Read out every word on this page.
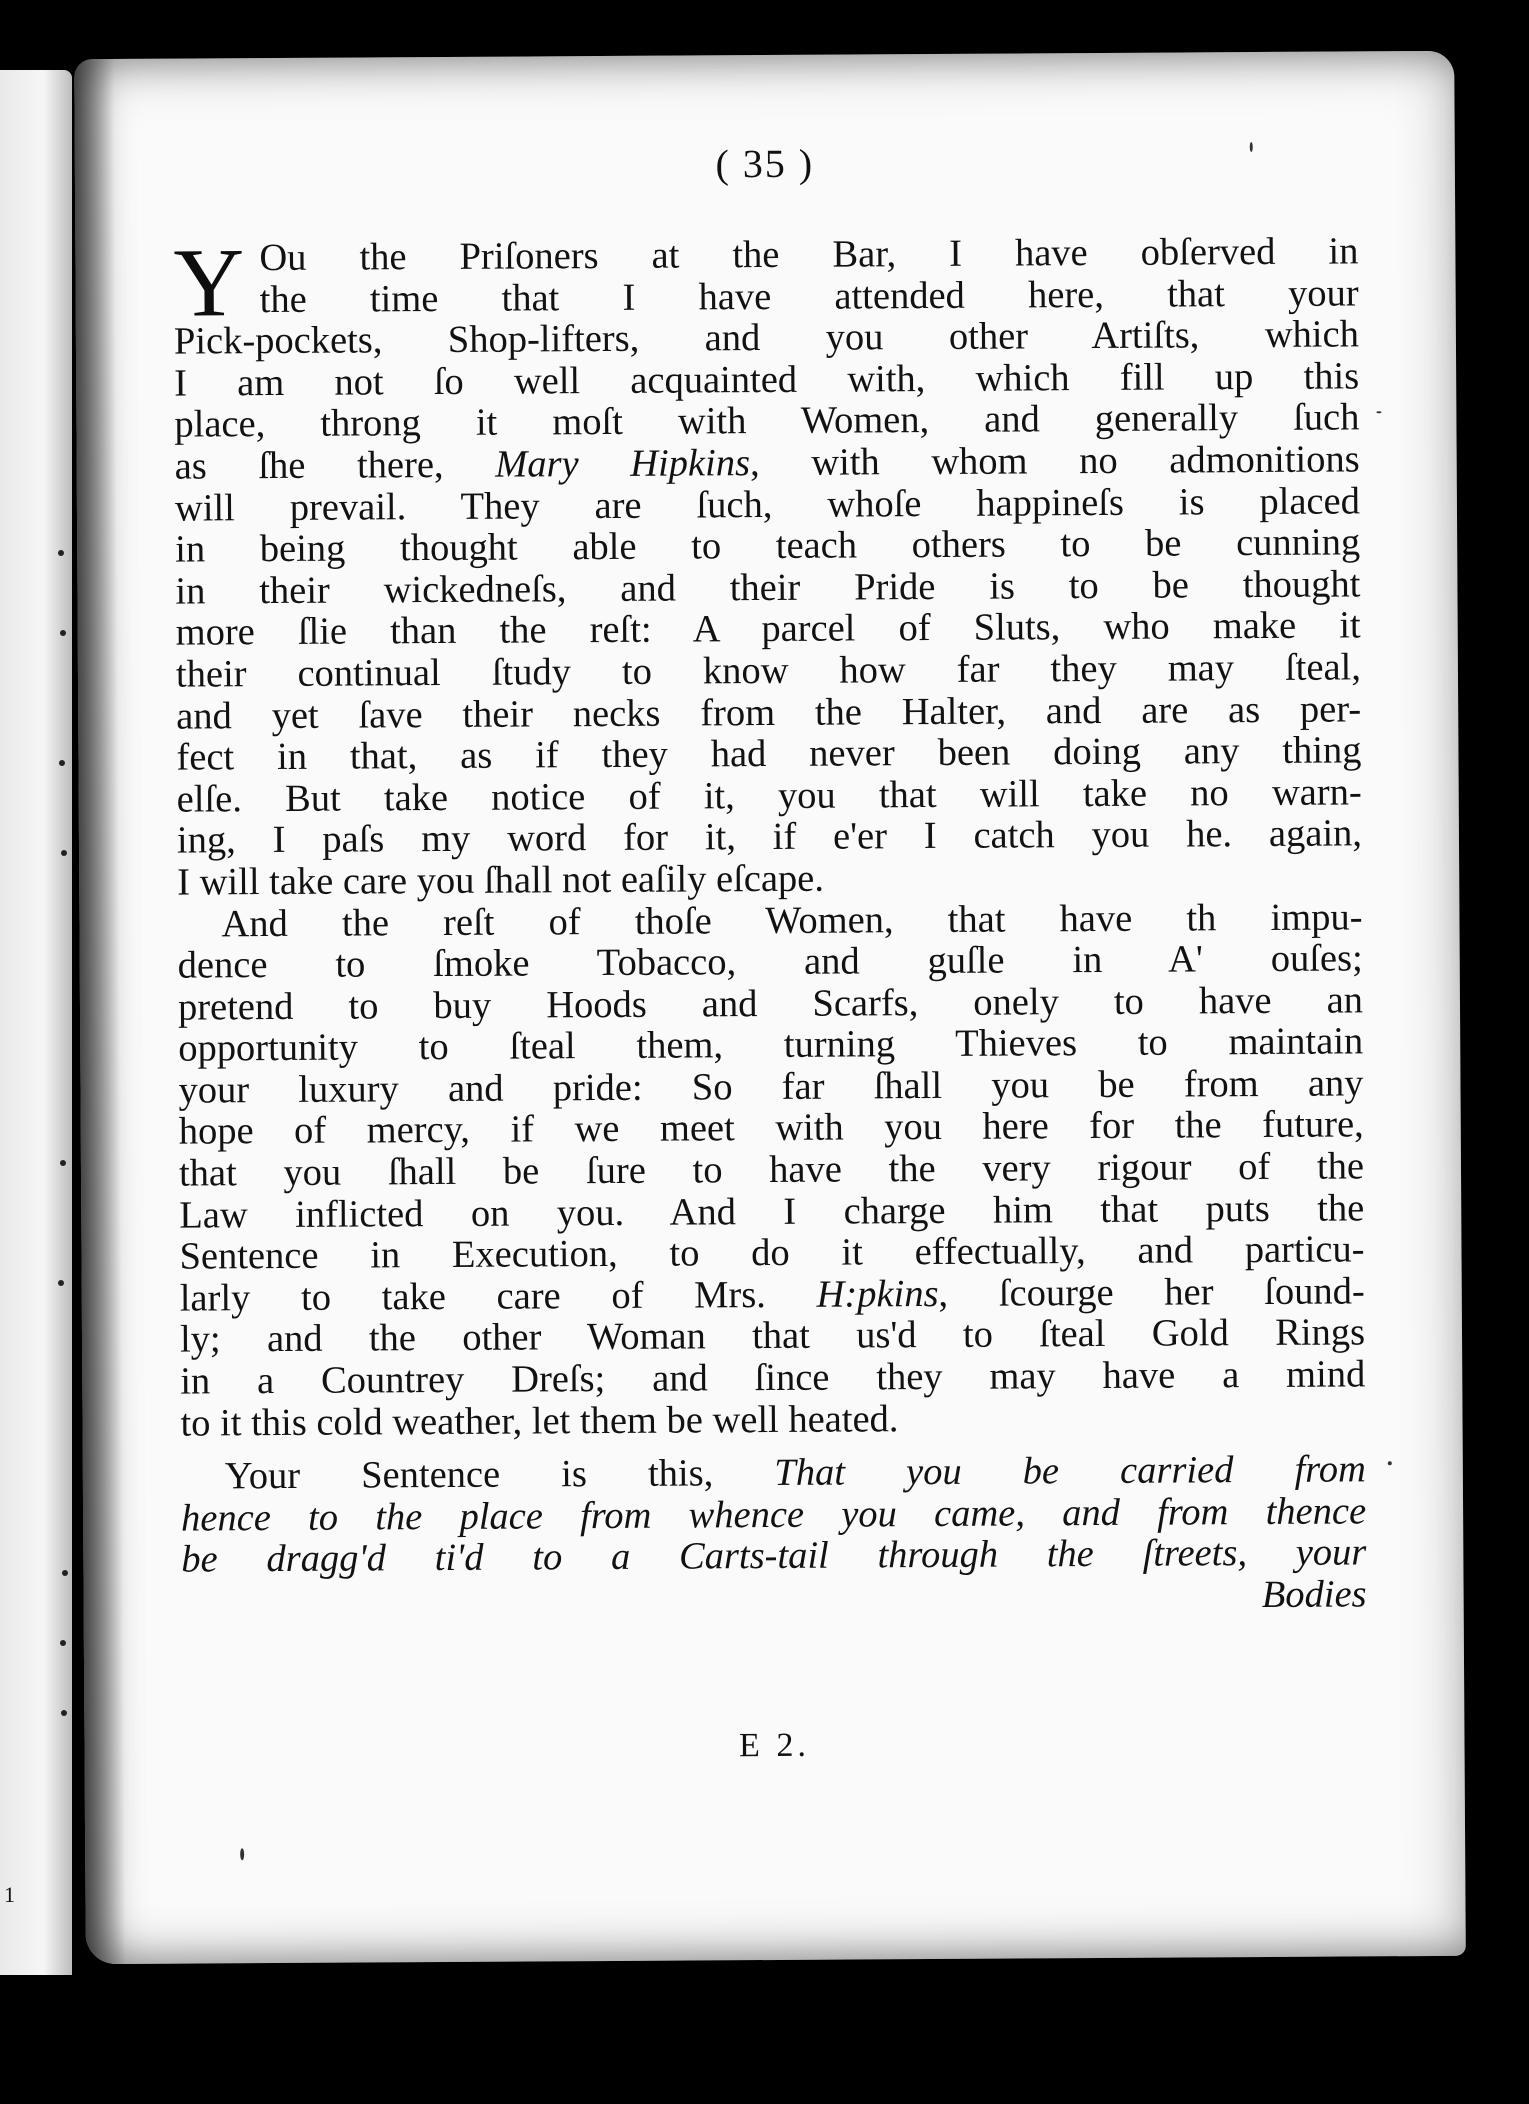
1
( 35 )
Y Ou the Priſoners at the Bar, I have obſerved in
the time that I have attended here, that your
Pick-pockets, Shop-lifters, and you other Artiſts, which
I am not ſo well acquainted with, which fill up this
place, throng it moſt with Women, and generally ſuch
as ſhe there, Mary Hipkins, with whom no admonitions
will prevail. They are ſuch, whoſe happineſs is placed
in being thought able to teach others to be cunning
in their wickedneſs, and their Pride is to be thought
more ſlie than the reſt: A parcel of Sluts, who make it
their continual ſtudy to know how far they may ſteal,
and yet ſave their necks from the Halter, and are as per-
fect in that, as if they had never been doing any thing
elſe. But take notice of it, you that will take no warn-
ing, I paſs my word for it, if e'er I catch you he. again,
I will take care you ſhall not eaſily eſcape.
And the reſt of thoſe Women, that have th impu-
dence to ſmoke Tobacco, and guſle in A' ouſes;
pretend to buy Hoods and Scarfs, onely to have an
opportunity to ſteal them, turning Thieves to maintain
your luxury and pride: So far ſhall you be from any
hope of mercy, if we meet with you here for the future,
that you ſhall be ſure to have the very rigour of the
Law inflicted on you. And I charge him that puts the
Sentence in Execution, to do it effectually, and particu-
larly to take care of Mrs. H:pkins, ſcourge her ſound-
ly; and the other Woman that us'd to ſteal Gold Rings
in a Countrey Dreſs; and ſince they may have a mind
to it this cold weather, let them be well heated.
Your Sentence is this, That you be carried from
hence to the place from whence you came, and from thence
be dragg'd ti'd to a Carts-tail through the ſtreets, your
Bodies
E 2.
